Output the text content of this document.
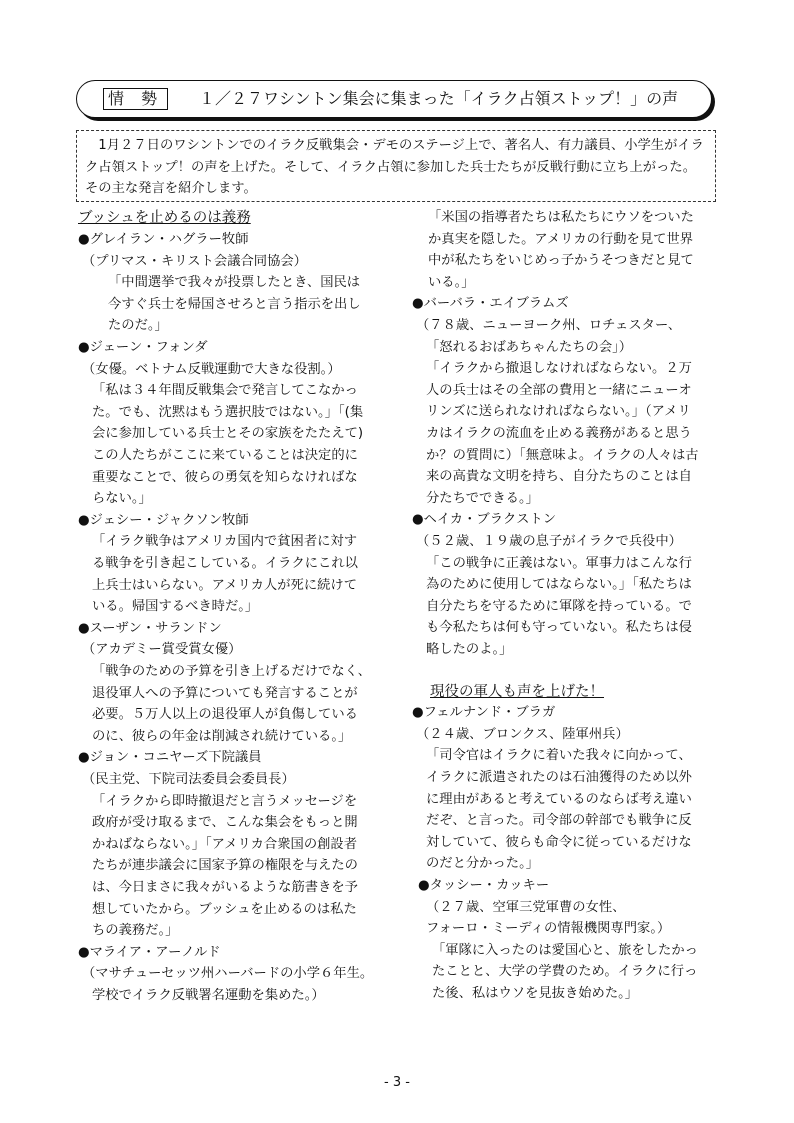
情 勢	１／２７ワシントン集会に集まった「イラク占領ストップ！」の声
1月２７日のワシントンでのイラク反戦集会・デモのステージ上で、著名人、有力議員、小学生がイラク占領ストップ！の声を上げた。そして、イラク占領に参加した兵士たちが反戦行動に立ち上がった。その主な発言を紹介します。
ブッシュを止めるのは義務
●グレイラン・ハグラー牧師
（プリマス・キリスト会議合同協会）
「中間選挙で我々が投票したとき、国民は
今すぐ兵士を帰国させろと言う指示を出し
たのだ。」
●ジェーン・フォンダ
（女優。ベトナム反戦運動で大きな役割。）
「私は３４年間反戦集会で発言してこなかっ
た。でも、沈黙はもう選択肢ではない。」「(集
会に参加している兵士とその家族をたたえて)
この人たちがここに来ていることは決定的に
重要なことで、彼らの勇気を知らなければな
らない。」
●ジェシー・ジャクソン牧師
「イラク戦争はアメリカ国内で貧困者に対す
る戦争を引き起こしている。イラクにこれ以
上兵士はいらない。アメリカ人が死に続けて
いる。帰国するべき時だ。」
●スーザン・サランドン
（アカデミー賞受賞女優）
「戦争のための予算を引き上げるだけでなく、
退役軍人への予算についても発言することが
必要。５万人以上の退役軍人が負傷している
のに、彼らの年金は削減され続けている。」
●ジョン・コニヤーズ下院議員
（民主党、下院司法委員会委員長）
「イラクから即時撤退だと言うメッセージを
政府が受け取るまで、こんな集会をもっと開
かねばならない。」「アメリカ合衆国の創設者
たちが連歩議会に国家予算の権限を与えたの
は、今日まさに我々がいるような筋書きを予
想していたから。ブッシュを止めるのは私た
ちの義務だ。」
●マライア・アーノルド
（マサチューセッツ州ハーバードの小学６年生。
学校でイラク反戦署名運動を集めた。）
「米国の指導者たちは私たちにウソをついた
か真実を隠した。アメリカの行動を見て世界
中が私たちをいじめっ子かうそつきだと見て
いる。」
●バーバラ・エイブラムズ
（７８歳、ニューヨーク州、ロチェスター、
「怒れるおばあちゃんたちの会」）
「イラクから撤退しなければならない。２万
人の兵士はその全部の費用と一緒にニューオ
リンズに送られなければならない。」（アメリ
カはイラクの流血を止める義務があると思う
か？の質問に）「無意味よ。イラクの人々は古
来の高貴な文明を持ち、自分たちのことは自
分たちでできる。」
●ヘイカ・ブラクストン
（５２歳、１９歳の息子がイラクで兵役中）
「この戦争に正義はない。軍事力はこんな行
為のために使用してはならない。」「私たちは
自分たちを守るために軍隊を持っている。で
も今私たちは何も守っていない。私たちは侵
略したのよ。」
現役の軍人も声を上げた！
●フェルナンド・ブラガ
（２４歳、ブロンクス、陸軍州兵）
「司令官はイラクに着いた我々に向かって、
イラクに派遣されたのは石油獲得のため以外
に理由があると考えているのならば考え違い
だぞ、と言った。司令部の幹部でも戦争に反
対していて、彼らも命令に従っているだけな
のだと分かった。」
●タッシー・カッキー
（２７歳、空軍三党軍曹の女性、
フォーロ・ミーディの情報機関専門家。）
「軍隊に入ったのは愛国心と、旅をしたかっ
たことと、大学の学費のため。イラクに行っ
た後、私はウソを見抜き始めた。」
- 3 -
